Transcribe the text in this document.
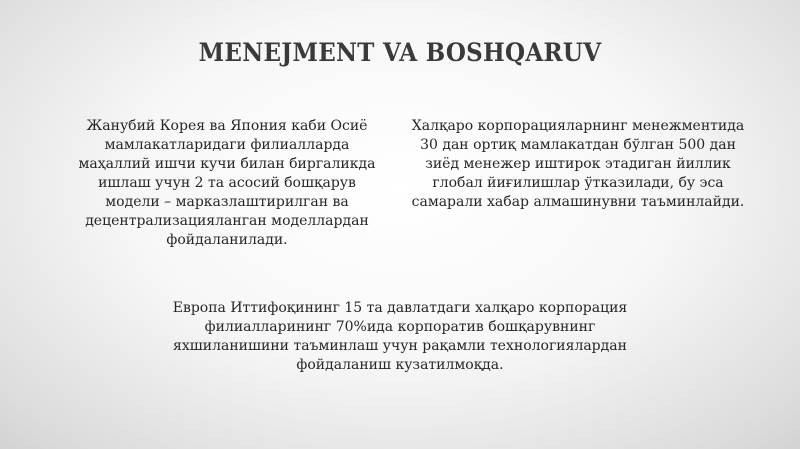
MENEJMENT VA BOSHQARUV

Жанубий Корея ва Япония каби Осиё
мамлакатларидаги филиалларда
маҳаллий ишчи кучи билан биргаликда
ишлаш учун 2 та асосий бошқарув
модели – марказлаштирилган ва
децентрализацияланган моделлардан
фойдаланилади.

Халқаро корпорацияларнинг менежментида
30 дан ортиқ мамлакатдан бўлган 500 дан
зиёд менежер иштирок этадиган йиллик
глобал йиғилишлар ўтказилади, бу эса
самарали хабар алмашинувни таъминлайди.

Европа Иттифоқининг 15 та давлатдаги халқаро корпорация
филиалларининг 70%ида корпоратив бошқарувнинг
яхшиланишини таъминлаш учун рақамли технологиялардан
фойдаланиш кузатилмоқда.
